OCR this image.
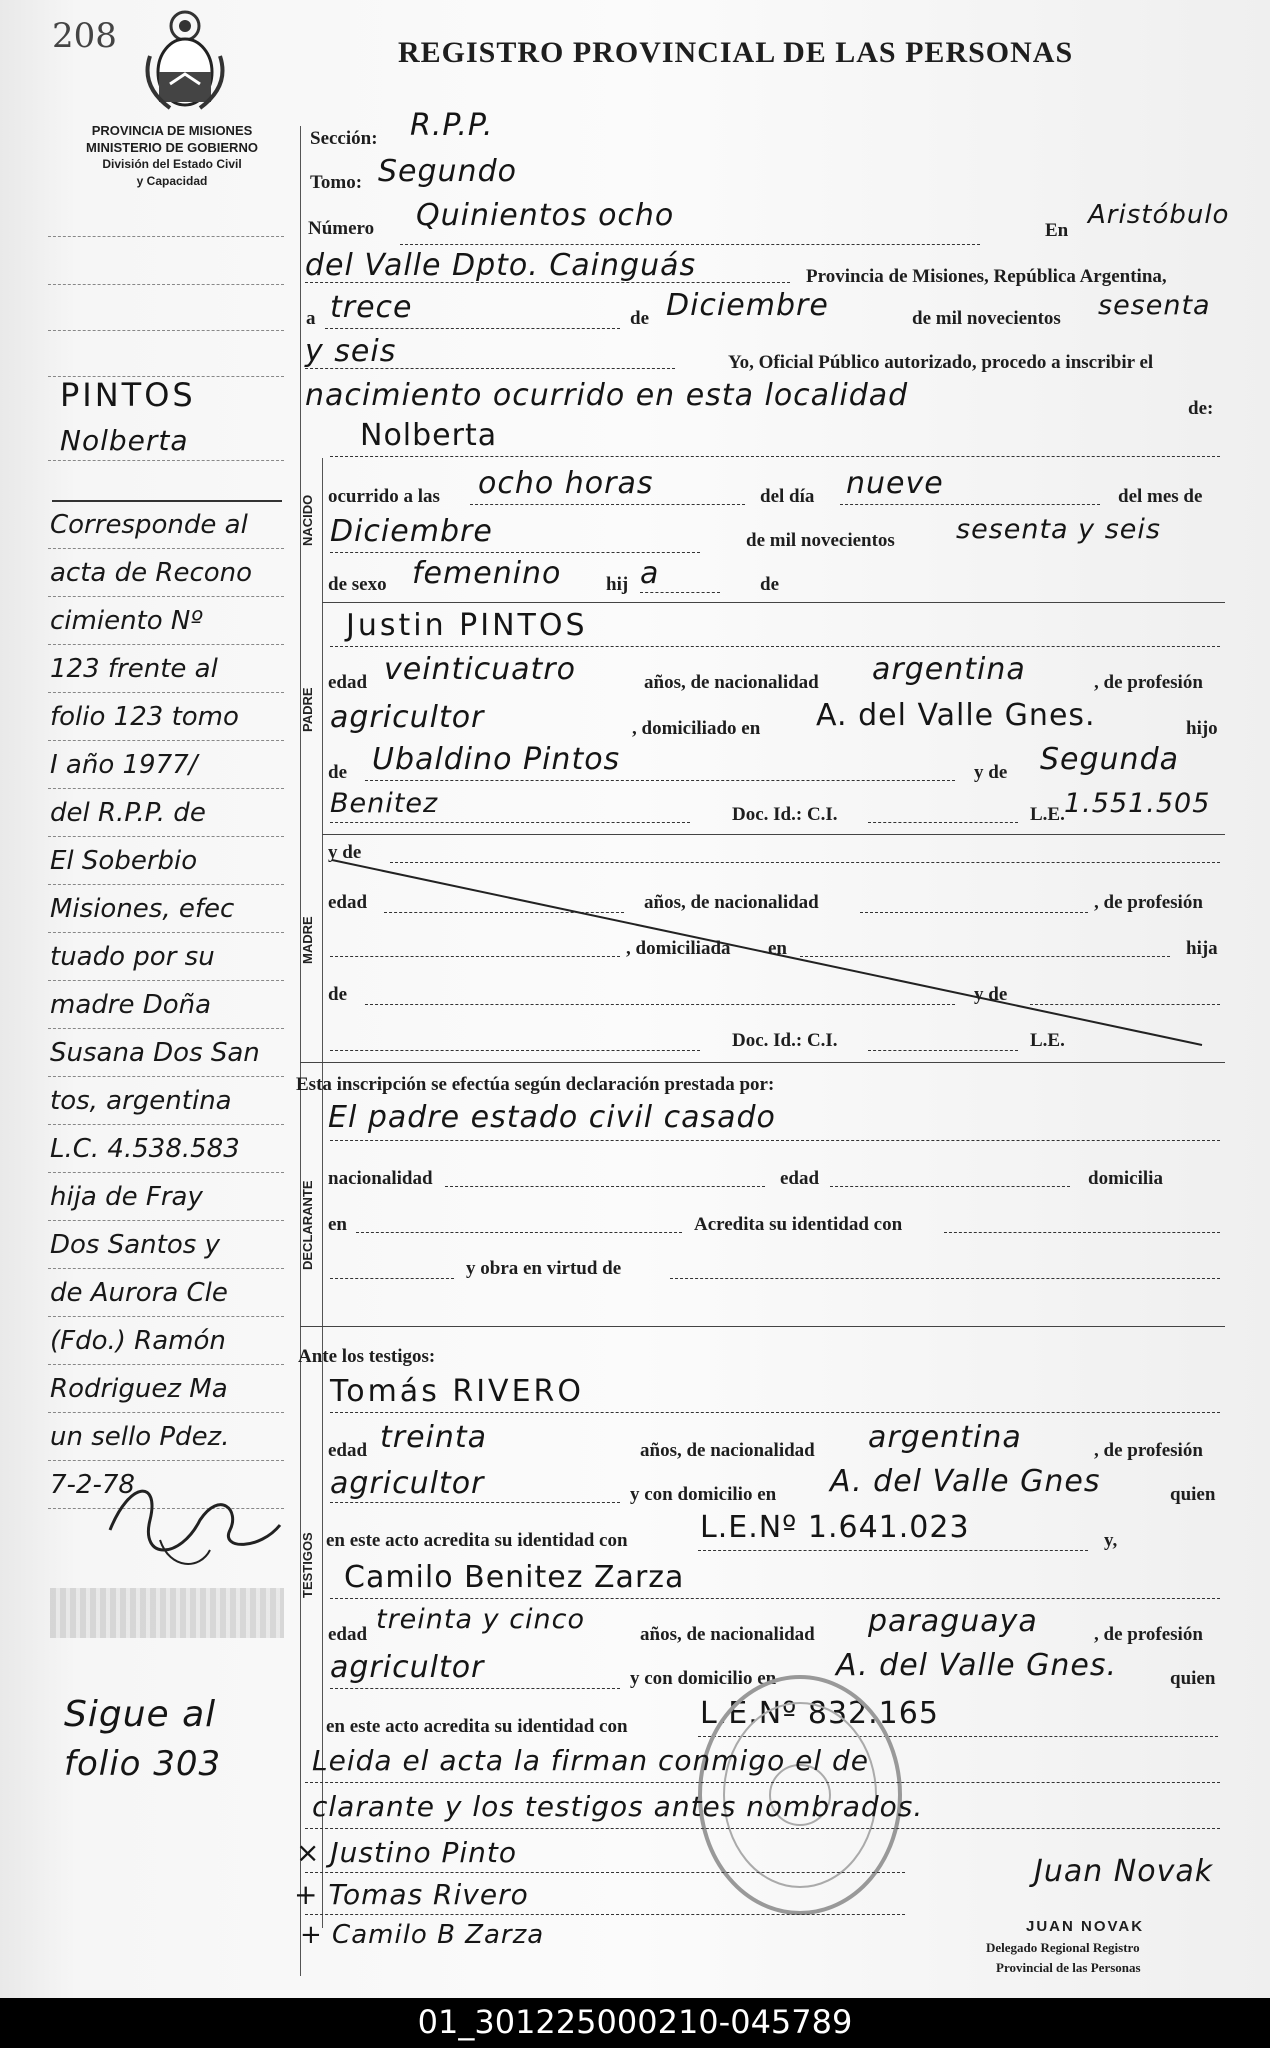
208	REGISTRO PROVINCIAL DE LAS PERSONAS
PROVINCIA DE MISIONES
MINISTERIO DE GOBIERNO
División del Estado Civil
y Capacidad
Sección: R.P.P.
Tomo: Segundo
Número Quinientos ocho	En
Aristóbulo
del Valle Dpto. Cainguás	Provincia de Misiones, República Argentina,
a trece	de Diciembre	de mil novecientos sesenta
y seis	Yo, Oficial Público autorizado, procedo a inscribir el
nacimiento ocurrido en esta localidad	de:
Nolberta
NACIDO ocurrido a las ocho horas	del día nueve	del mes de
Diciembre	de mil novecientos sesenta y seis
de sexo femenino hij a	de
PADRE
Justin PINTOS
edad veinticuatro	años, de nacionalidad argentina	, de profesión
agricultor	, domiciliado en A. del Valle Gnes.	hijo
de Ubaldino Pintos	y de Segunda
Benitez	Doc. Id.: C.I.	L.E. 1.551.505
MADRE
y de
edad	años, de nacionalidad	, de profesión
, domiciliada en	hija
de	y de
Doc. Id.: C.I.	L.E.
Esta inscripción se efectúa según declaración prestada por:
DECLARANTE
El padre estado civil casado
nacionalidad	edad	domicilia
en	Acredita su identidad con
y obra en virtud de
Ante los testigos:
TESTIGOS
Tomás RIVERO
edad treinta	años, de nacionalidad argentina	, de profesión
agricultor	y con domicilio en A. del Valle Gnes	quien
en este acto acredita su identidad con L.E.Nº 1.641.023	y,
Camilo Benitez Zarza
edad treinta y cinco	años, de nacionalidad paraguaya	, de profesión
agricultor	y con domicilio en A. del Valle Gnes.	quien
en este acto acredita su identidad con L.E.Nº 832.165
Leida el acta la firman conmigo el de
clarante y los testigos antes nombrados.
× Justino Pinto
+ Tomas Rivero
+ Camilo B Zarza
Juan Novak
JUAN NOVAK
Delegado Regional Registro
Provincial de las Personas
PINTOS
Nolberta
Corresponde al
acta de Recono
cimiento Nº
123 frente al
folio 123 tomo
I año 1977/
del R.P.P. de
El Soberbio
Misiones, efec
tuado por su
madre Doña
Susana Dos San
tos, argentina
L.C. 4.538.583
hija de Fray
Dos Santos y
de Aurora Cle
(Fdo.) Ramón
Rodriguez Ma
un sello Pdez.
7-2-78
Sigue al
folio 303
01_301225000210-045789
